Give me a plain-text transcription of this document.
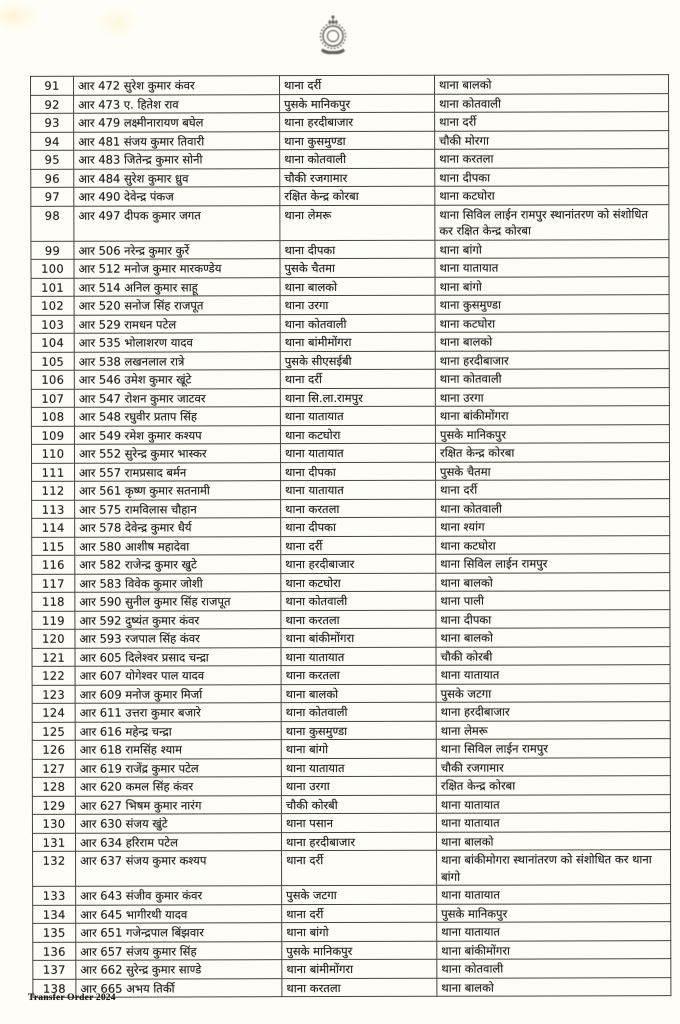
91	आर 472 सुरेश कुमार कंवर	थाना दर्री	थाना बालको
92	आर 473 ए. हितेश राव	पुसके मानिकपुर	थाना कोतवाली
93	आर 479 लक्ष्मीनारायण बघेल	थाना हरदीबाजार	थाना दर्री
94	आर 481 संजय कुमार तिवारी	थाना कुसमुण्डा	चौकी मोरगा
95	आर 483 जितेन्द्र कुमार सोनी	थाना कोतवाली	थाना करतला
96	आर 484 सुरेश कुमार ध्रुव	चौकी रजगामार	थाना दीपका
97	आर 490 देवेन्द्र पंकज	रक्षित केन्द्र कोरबा	थाना कटघोरा
98	आर 497 दीपक कुमार जगत	थाना लेमरू	थाना सिविल लाईन रामपुर स्थानांतरण को संशोधित कर रक्षित केन्द्र कोरबा
99	आर 506 नरेन्द्र कुमार कुर्रे	थाना दीपका	थाना बांगो
100	आर 512 मनोज कुमार मारकण्डेय	पुसके चैतमा	थाना यातायात
101	आर 514 अनिल कुमार साहू	थाना बालको	थाना बांगो
102	आर 520 सनोज सिंह राजपूत	थाना उरगा	थाना कुसमुण्डा
103	आर 529 रामधन पटेल	थाना कोतवाली	थाना कटघोरा
104	आर 535 भोलाशरण यादव	थाना बांमीमोंगरा	थाना बालको
105	आर 538 लखनलाल रात्रे	पुसके सीएसईबी	थाना हरदीबाजार
106	आर 546 उमेश कुमार खूंटे	थाना दर्री	थाना कोतवाली
107	आर 547 रोशन कुमार जाटवर	थाना सि.ला.रामपुर	थाना उरगा
108	आर 548 रघुवीर प्रताप सिंह	थाना यातायात	थाना बांकीमोंगरा
109	आर 549 रमेश कुमार कश्यप	थाना कटघोरा	पुसके मानिकपुर
110	आर 552 सुरेन्द्र कुमार भास्कर	थाना यातायात	रक्षित केन्द्र कोरबा
111	आर 557 रामप्रसाद बर्मन	थाना दीपका	पुसके चैतमा
112	आर 561 कृष्ण कुमार सतनामी	थाना यातायात	थाना दर्री
113	आर 575 रामविलास चौहान	थाना करतला	थाना कोतवाली
114	आर 578 देवेन्द्र कुमार धैर्य	थाना दीपका	थाना श्यांग
115	आर 580 आशीष महादेवा	थाना दर्री	थाना कटघोरा
116	आर 582 राजेन्द्र कुमार खुटे	थाना हरदीबाजार	थाना सिविल लाईन रामपुर
117	आर 583 विवेक कुमार जोशी	थाना कटघोरा	थाना बालको
118	आर 590 सुनील कुमार सिंह राजपूत	थाना कोतवाली	थाना पाली
119	आर 592 दुष्यंत कुमार कंवर	थाना करतला	थाना दीपका
120	आर 593 रजपाल सिंह कंवर	थाना बांकीमोंगरा	थाना बालको
121	आर 605 दिलेश्वर प्रसाद चन्द्रा	थाना यातायात	चौकी कोरबी
122	आर 607 योगेश्वर पाल यादव	थाना करतला	थाना यातायात
123	आर 609 मनोज कुमार मिर्जा	थाना बालको	पुसके जटगा
124	आर 611 उत्तरा कुमार बजारे	थाना कोतवाली	थाना हरदीबाजार
125	आर 616 महेन्द्र चन्द्रा	थाना कुसमुण्डा	थाना लेमरू
126	आर 618 रामसिंह श्याम	थाना बांगो	थाना सिविल लाईन रामपुर
127	आर 619 राजेंद्र कुमार पटेल	थाना यातायात	चौकी रजगामार
128	आर 620 कमल सिंह कंवर	थाना उरगा	रक्षित केन्द्र कोरबा
129	आर 627 भिषम कुमार नारंग	चौकी कोरबी	थाना यातायात
130	आर 630 संजय खुंटे	थाना पसान	थाना यातायात
131	आर 634 हरिराम पटेल	थाना हरदीबाजार	थाना बालको
132	आर 637 संजय कुमार कश्यप	थाना दर्री	थाना बांकीमोगरा स्थानांतरण को संशोधित कर थाना बांगो
133	आर 643 संजीव कुमार कंवर	पुसके जटगा	थाना यातायात
134	आर 645 भागीरथी यादव	थाना दर्री	पुसके मानिकपुर
135	आर 651 गजेन्द्रपाल बिंझवार	थाना बांगो	थाना यातायात
136	आर 657 संजय कुमार सिंह	पुसके मानिकपुर	थाना बांकीमोंगरा
137	आर 662 सुरेन्द्र कुमार साण्डे	थाना बांमीमोंगरा	थाना कोतवाली
138	आर 665 अभय तिर्की	थाना करतला	थाना बालको
Transfer Order 2024
